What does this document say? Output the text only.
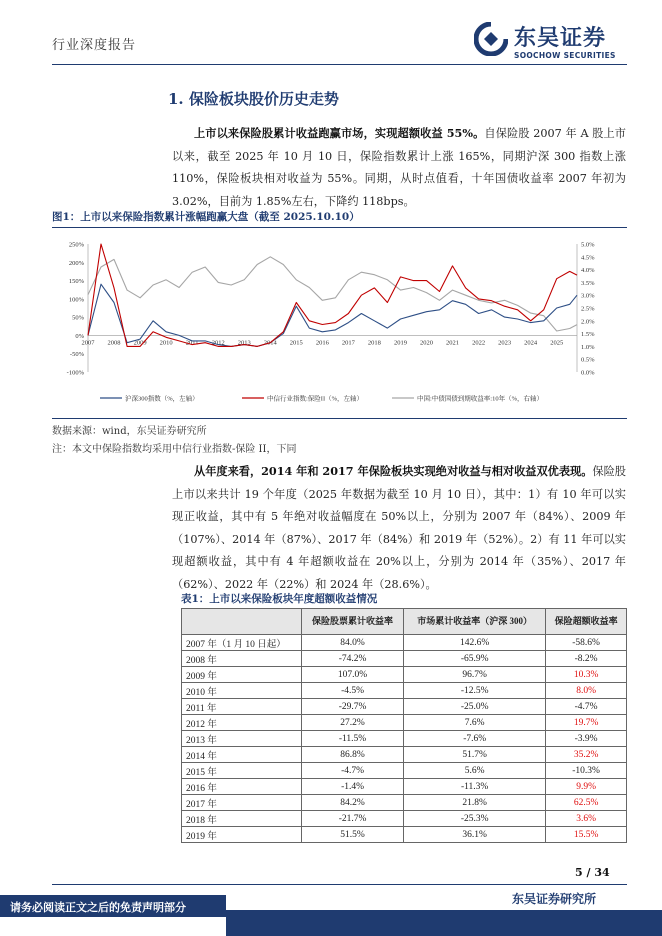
行业深度报告	东吴证券
SOOCHOW SECURITIES
1. 保险板块股价历史走势
上市以来保险股累计收益跑赢市场，实现超额收益 55%。自保险股 2007 年 A 股上市以来，截至 2025 年 10 月 10 日，保险指数累计上涨 165%，同期沪深 300 指数上涨 110%，保险板块相对收益为 55%。同期，从时点值看，十年国债收益率 2007 年初为 3.02%，目前为 1.85%左右，下降约 118bps。
图1：上市以来保险指数累计涨幅跑赢大盘（截至 2025.10.10）
250%
200%
150%
100%
50%
0%
-50%
-100%
5.0%
4.5%
4.0%
3.5%
3.0%
2.5%
2.0%
1.5%
1.0%
0.5%
0.0%
2007 2008 2009 2010 2011 2012 2013 2014 2015 2016 2017 2018 2019 2020 2021 2022 2023 2024 2025
沪深300指数（%，左轴）	中信行业指数:保险II（%，左轴）	中国:中债国债到期收益率:10年（%，右轴）
数据来源：wind，东吴证券研究所
注：本文中保险指数均采用中信行业指数-保险 II，下同
从年度来看，2014 年和 2017 年保险板块实现绝对收益与相对收益双优表现。保险股上市以来共计 19 个年度（2025 年数据为截至 10 月 10 日），其中：1）有 10 年可以实现正收益，其中有 5 年绝对收益幅度在 50%以上，分别为 2007 年（84%）、2009 年（107%）、2014 年（87%）、2017 年（84%）和 2019 年（52%）。2）有 11 年可以实现超额收益，其中有 4 年超额收益在 20%以上，分别为 2014 年（35%）、2017 年（62%）、2022 年（22%）和 2024 年（28.6%）。
表1：上市以来保险板块年度超额收益情况
	保险股票累计收益率	市场累计收益率（沪深 300）	保险超额收益率
2007 年（1 月 10 日起）	84.0%	142.6%	-58.6%
2008 年	-74.2%	-65.9%	-8.2%
2009 年	107.0%	96.7%	10.3%
2010 年	-4.5%	-12.5%	8.0%
2011 年	-29.7%	-25.0%	-4.7%
2012 年	27.2%	7.6%	19.7%
2013 年	-11.5%	-7.6%	-3.9%
2014 年	86.8%	51.7%	35.2%
2015 年	-4.7%	5.6%	-10.3%
2016 年	-1.4%	-11.3%	9.9%
2017 年	84.2%	21.8%	62.5%
2018 年	-21.7%	-25.3%	3.6%
2019 年	51.5%	36.1%	15.5%
5 / 34
东吴证券研究所
请务必阅读正文之后的免责声明部分
